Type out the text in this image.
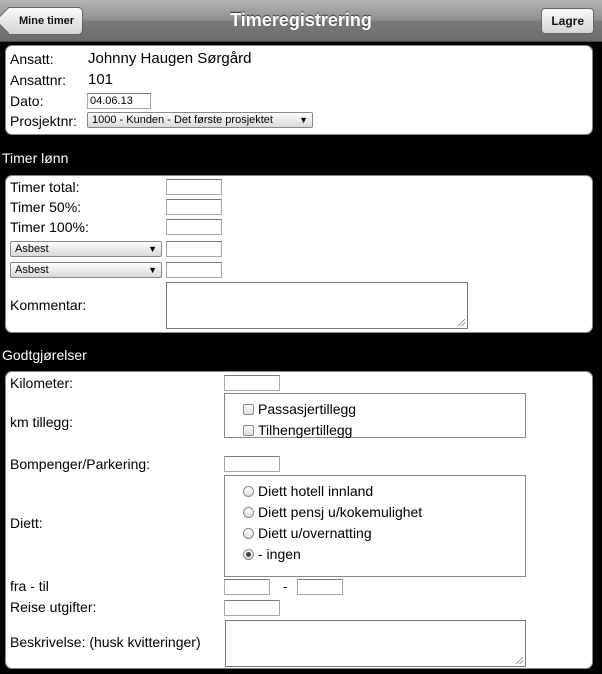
Mine timer	Timeregistrering	Lagre
Ansatt: Johnny Haugen Sørgård
Ansattnr: 101
Dato:	04.06.13
Prosjektnr:	1000 - Kunden - Det første prosjektet	▼
Timer lønn
Timer total:
Timer 50%:
Timer 100%:
Asbest	▼
Asbest	▼
Kommentar:
Godtgjørelser
Kilometer:
km tillegg:
Passasjertillegg
Tilhengertillegg
Bompenger/Parkering:
Diett:
Diett hotell innland
Diett pensj u/kokemulighet
Diett u/overnatting
- ingen
fra - til	-
Reise utgifter:
Beskrivelse: (husk kvitteringer)
